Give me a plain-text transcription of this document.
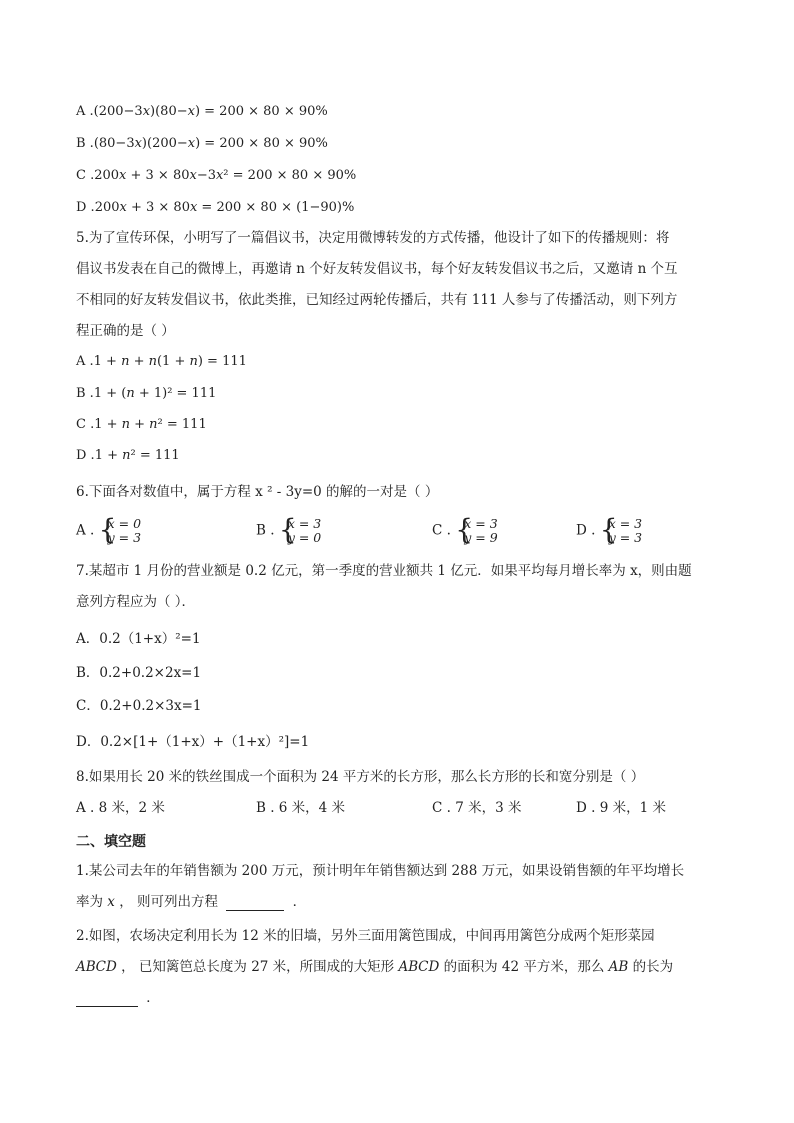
A .(200−3𝑥)(80−𝑥) = 200 × 80 × 90%
B .(80−3𝑥)(200−𝑥) = 200 × 80 × 90%
C .200𝑥 + 3 × 80𝑥−3𝑥² = 200 × 80 × 90%
D .200𝑥 + 3 × 80𝑥 = 200 × 80 × (1−90)%
5.为了宣传环保，小明写了一篇倡议书，决定用微博转发的方式传播，他设计了如下的传播规则：将
倡议书发表在自己的微博上，再邀请 n 个好友转发倡议书，每个好友转发倡议书之后，又邀请 n 个互
不相同的好友转发倡议书，依此类推，已知经过两轮传播后，共有 111 人参与了传播活动，则下列方
程正确的是（ ）
A .1 + 𝑛 + 𝑛(1 + 𝑛) = 111
B .1 + (𝑛 + 1)² = 111
C .1 + 𝑛 + 𝑛² = 111
D .1 + 𝑛² = 111
6.下面各对数值中，属于方程 x ² - 3y=0 的解的一对是（ ）
A . {
x = 0
y = 3	B . {
x = 3
y = 0	C . {
x = 3
y = 9	D . {
x = 3
y = 3
7.某超市 1 月份的营业额是 0.2 亿元，第一季度的营业额共 1 亿元．如果平均每月增长率为 x，则由题
意列方程应为（ ）．
A．0.2（1+x）²=1
B．0.2+0.2×2x=1
C．0.2+0.2×3x=1
D．0.2×[1+（1+x）+（1+x）²]=1
8.如果用长 20 米的铁丝围成一个面积为 24 平方米的长方形，那么长方形的长和宽分别是（ ）
A . 8 米，2 米	B . 6 米，4 米	C . 7 米，3 米	D . 9 米，1 米
二、填空题
1.某公司去年的年销售额为 200 万元，预计明年年销售额达到 288 万元，如果设销售额的年平均增长
率为 𝑥 ， 则可列出方程	．
2.如图，农场决定利用长为 12 米的旧墙，另外三面用篱笆围成，中间再用篱笆分成两个矩形菜园
𝐴𝐵𝐶𝐷 ， 已知篱笆总长度为 27 米，所围成的大矩形 𝐴𝐵𝐶𝐷 的面积为 42 平方米，那么 𝐴𝐵 的长为
．
